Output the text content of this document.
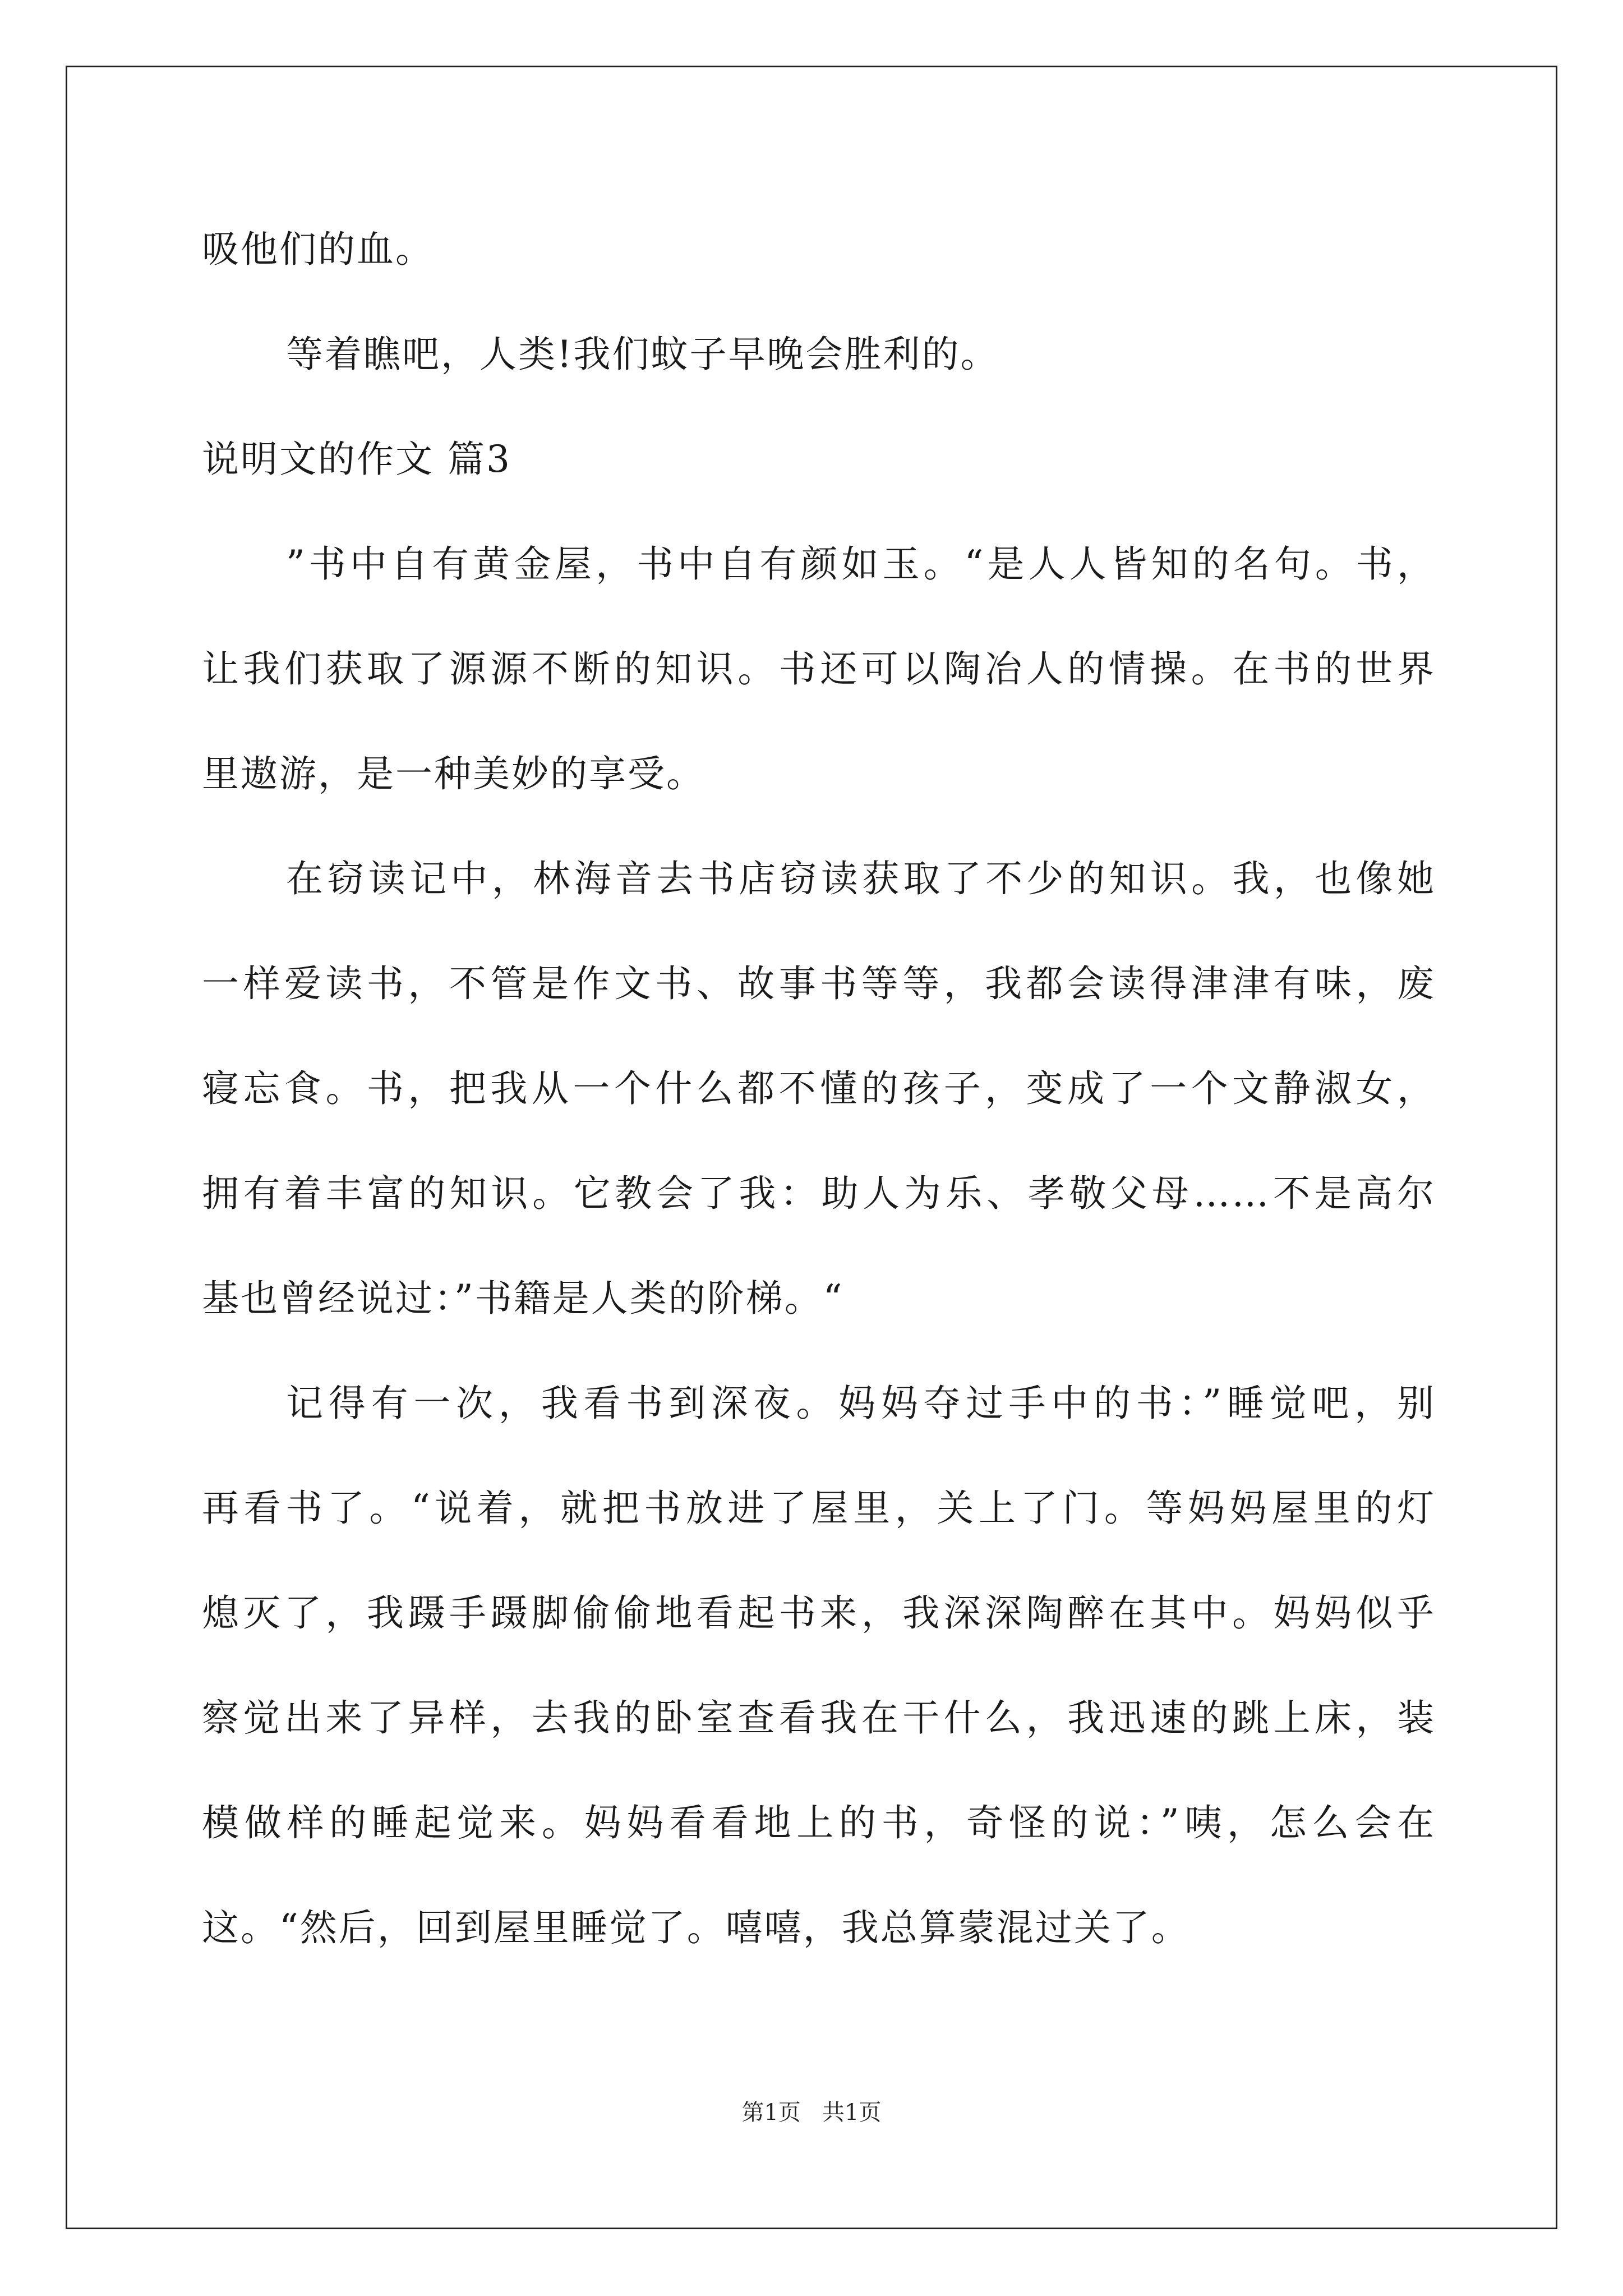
吸他们的血。
等着瞧吧，人类!我们蚊子早晚会胜利的。
说明文的作文 篇3
”书中自有黄金屋，书中自有颜如玉。“是人人皆知的名句。书，
让我们获取了源源不断的知识。书还可以陶冶人的情操。在书的世界
里遨游，是一种美妙的享受。
在窃读记中，林海音去书店窃读获取了不少的知识。我，也像她
一样爱读书，不管是作文书、故事书等等，我都会读得津津有味，废
寝忘食。书，把我从一个什么都不懂的孩子，变成了一个文静淑女，
拥有着丰富的知识。它教会了我：助人为乐、孝敬父母……不是高尔
基也曾经说过：”书籍是人类的阶梯。“
记得有一次，我看书到深夜。妈妈夺过手中的书：”睡觉吧，别
再看书了。“说着，就把书放进了屋里，关上了门。等妈妈屋里的灯
熄灭了，我蹑手蹑脚偷偷地看起书来，我深深陶醉在其中。妈妈似乎
察觉出来了异样，去我的卧室查看我在干什么，我迅速的跳上床，装
模做样的睡起觉来。妈妈看看地上的书，奇怪的说：”咦，怎么会在
这。“然后，回到屋里睡觉了。嘻嘻，我总算蒙混过关了。
第1页   共1页
